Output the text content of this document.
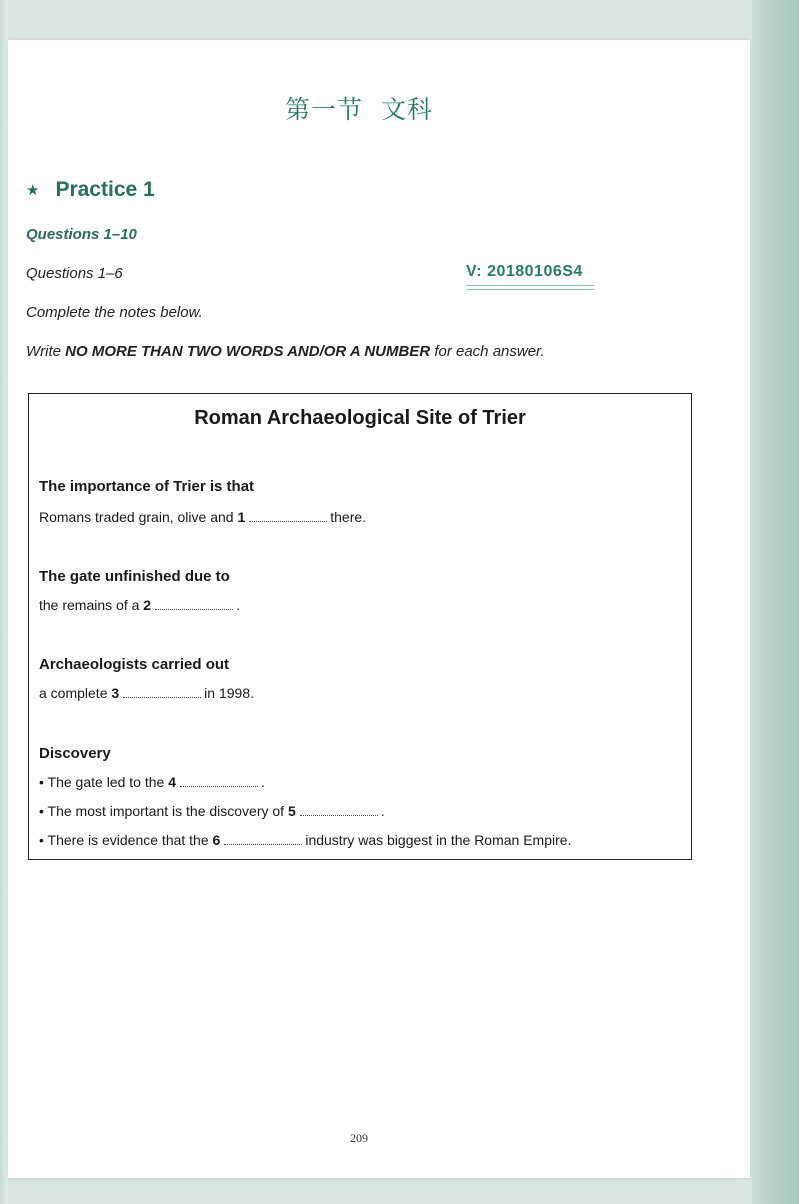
第一节 文科
★ Practice 1
Questions 1–10
Questions 1–6	V: 20180106S4
Complete the notes below.
Write NO MORE THAN TWO WORDS AND/OR A NUMBER for each answer.
Roman Archaeological Site of Trier
The importance of Trier is that
Romans traded grain, olive and 1	there.
The gate unfinished due to
the remains of a 2	.
Archaeologists carried out
a complete 3	in 1998.
Discovery
• The gate led to the 4	.
• The most important is the discovery of 5	.
• There is evidence that the 6	industry was biggest in the Roman Empire.
209
